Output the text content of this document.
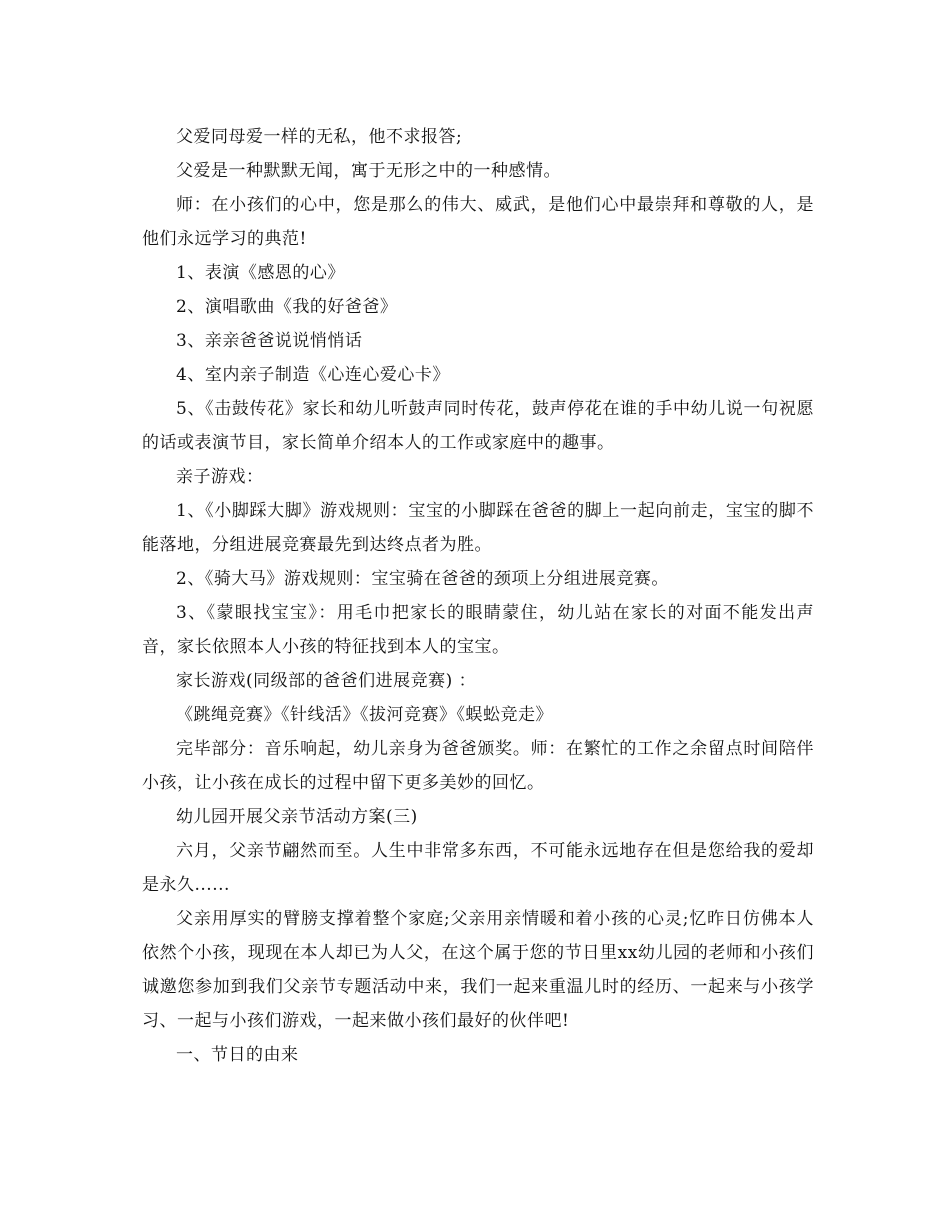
父爱同母爱一样的无私，他不求报答;

父爱是一种默默无闻，寓于无形之中的一种感情。

师：在小孩们的心中，您是那么的伟大、威武，是他们心中最崇拜和尊敬的人，是他们永远学习的典范!

1、表演《感恩的心》

2、演唱歌曲《我的好爸爸》

3、亲亲爸爸说说悄悄话

4、室内亲子制造《心连心爱心卡》

5、《击鼓传花》家长和幼儿听鼓声同时传花，鼓声停花在谁的手中幼儿说一句祝愿的话或表演节目，家长简单介绍本人的工作或家庭中的趣事。

亲子游戏：

1、《小脚踩大脚》游戏规则：宝宝的小脚踩在爸爸的脚上一起向前走，宝宝的脚不能落地，分组进展竞赛最先到达终点者为胜。

2、《骑大马》游戏规则：宝宝骑在爸爸的颈项上分组进展竞赛。

3、《蒙眼找宝宝》：用毛巾把家长的眼睛蒙住，幼儿站在家长的对面不能发出声音，家长依照本人小孩的特征找到本人的宝宝。

家长游戏(同级部的爸爸们进展竞赛) ：

《跳绳竞赛》《针线活》《拔河竞赛》《蜈蚣竞走》

完毕部分：音乐响起，幼儿亲身为爸爸颁奖。师：在繁忙的工作之余留点时间陪伴小孩，让小孩在成长的过程中留下更多美妙的回忆。

幼儿园开展父亲节活动方案(三)

六月，父亲节翩然而至。人生中非常多东西，不可能永远地存在但是您给我的爱却是永久......

父亲用厚实的臂膀支撑着整个家庭;父亲用亲情暖和着小孩的心灵;忆昨日仿佛本人依然个小孩，现现在本人却已为人父，在这个属于您的节日里xx幼儿园的老师和小孩们诚邀您参加到我们父亲节专题活动中来，我们一起来重温儿时的经历、一起来与小孩学习、一起与小孩们游戏，一起来做小孩们最好的伙伴吧!

一、节日的由来
